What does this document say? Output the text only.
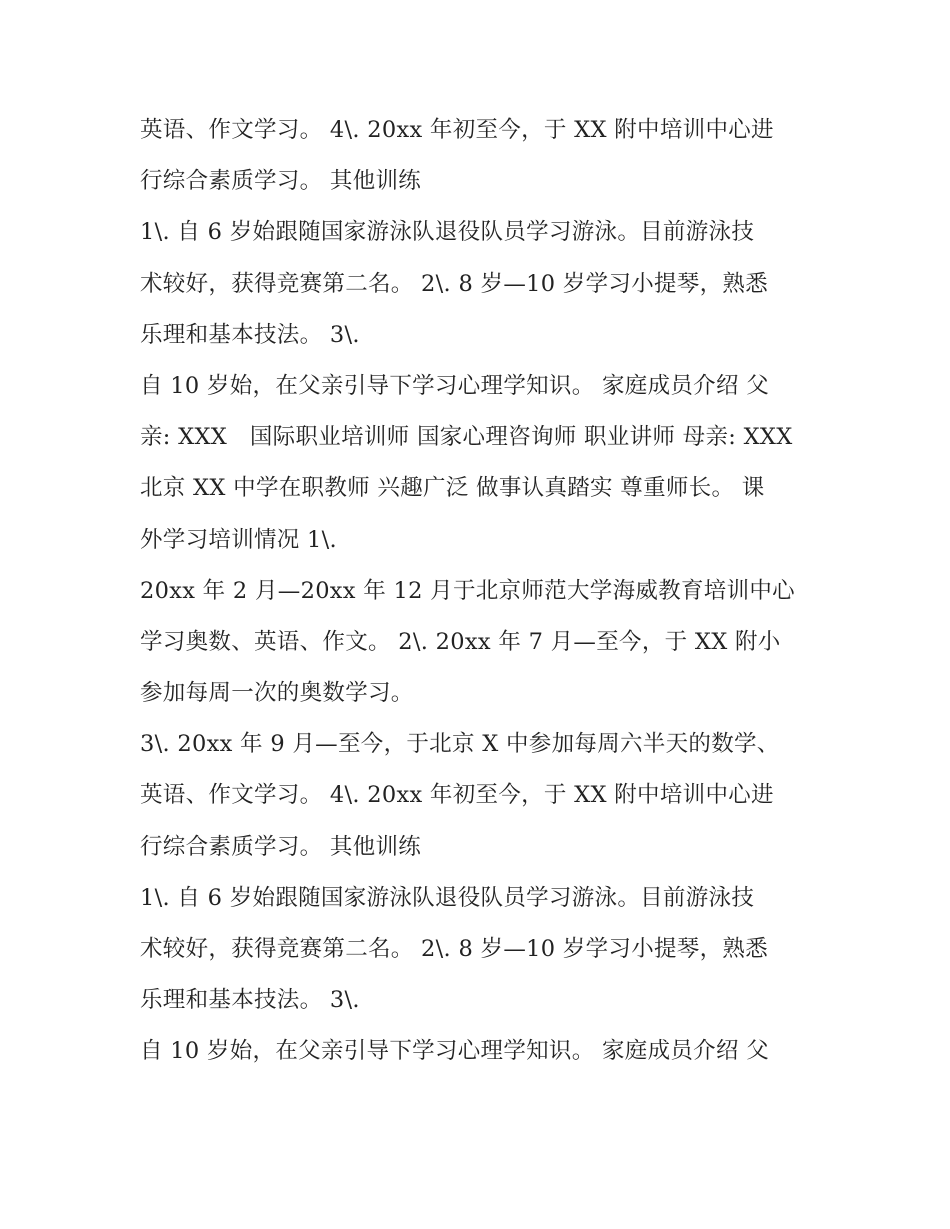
英语、作文学习。 4\. 20xx 年初至今，于 XX 附中培训中心进
行综合素质学习。 其他训练
1\. 自 6 岁始跟随国家游泳队退役队员学习游泳。目前游泳技
术较好，获得竞赛第二名。 2\. 8 岁—10 岁学习小提琴，熟悉
乐理和基本技法。 3\.
自 10 岁始，在父亲引导下学习心理学知识。 家庭成员介绍 父
亲: XXX　国际职业培训师 国家心理咨询师 职业讲师 母亲: XXX
北京 XX 中学在职教师 兴趣广泛 做事认真踏实 尊重师长。 课
外学习培训情况 1\.
20xx 年 2 月—20xx 年 12 月于北京师范大学海威教育培训中心
学习奥数、英语、作文。 2\. 20xx 年 7 月—至今，于 XX 附小
参加每周一次的奥数学习。
3\. 20xx 年 9 月—至今，于北京 X 中参加每周六半天的数学、
英语、作文学习。 4\. 20xx 年初至今，于 XX 附中培训中心进
行综合素质学习。 其他训练
1\. 自 6 岁始跟随国家游泳队退役队员学习游泳。目前游泳技
术较好，获得竞赛第二名。 2\. 8 岁—10 岁学习小提琴，熟悉
乐理和基本技法。 3\.
自 10 岁始，在父亲引导下学习心理学知识。 家庭成员介绍 父
